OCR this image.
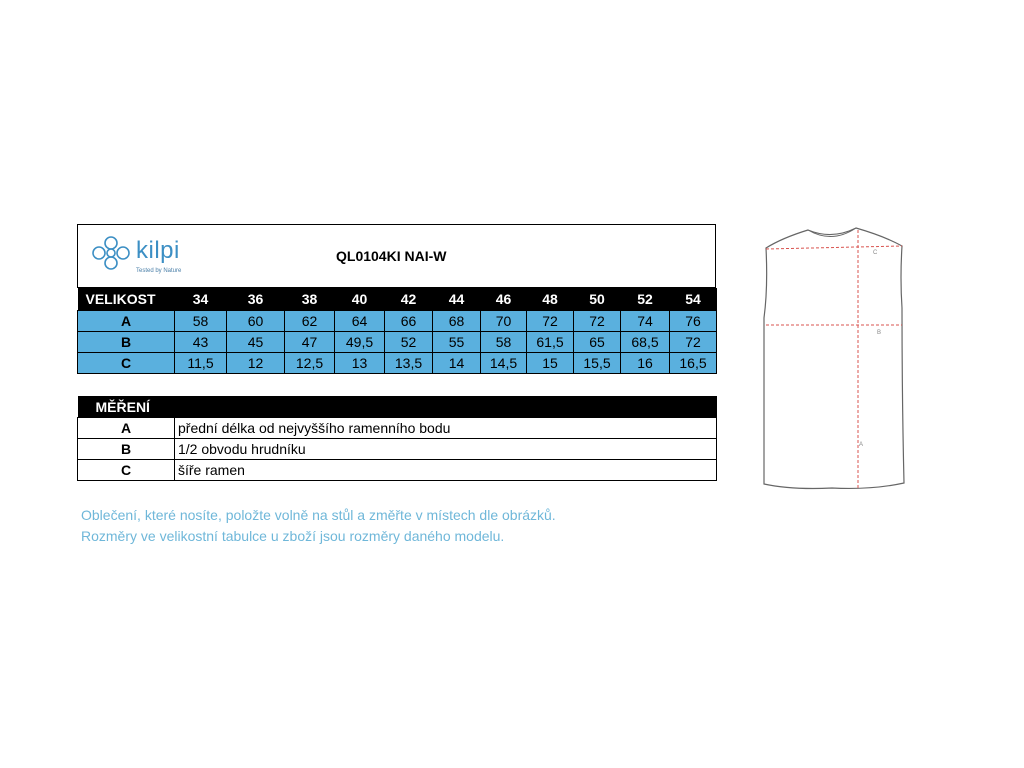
kilpi
Tested by Nature
QL0104KI NAI-W
VELIKOST	34	36	38	40	42	44	46	48	50	52	54
A	58	60	62	64	66	68	70	72	72	74	76
B	43	45	47	49,5	52	55	58	61,5	65	68,5	72
C	11,5	12	12,5	13	13,5	14	14,5	15	15,5	16	16,5
MĚŘENÍ	
A	přední délka od nejvyššího ramenního bodu
B	1/2 obvodu hrudníku
C	šíře ramen

Oblečení, které nosíte, položte volně na stůl a změřte v místech dle obrázků.

Rozměry ve velikostní tabulce u zboží jsou rozměry daného modelu.

C
B
A
